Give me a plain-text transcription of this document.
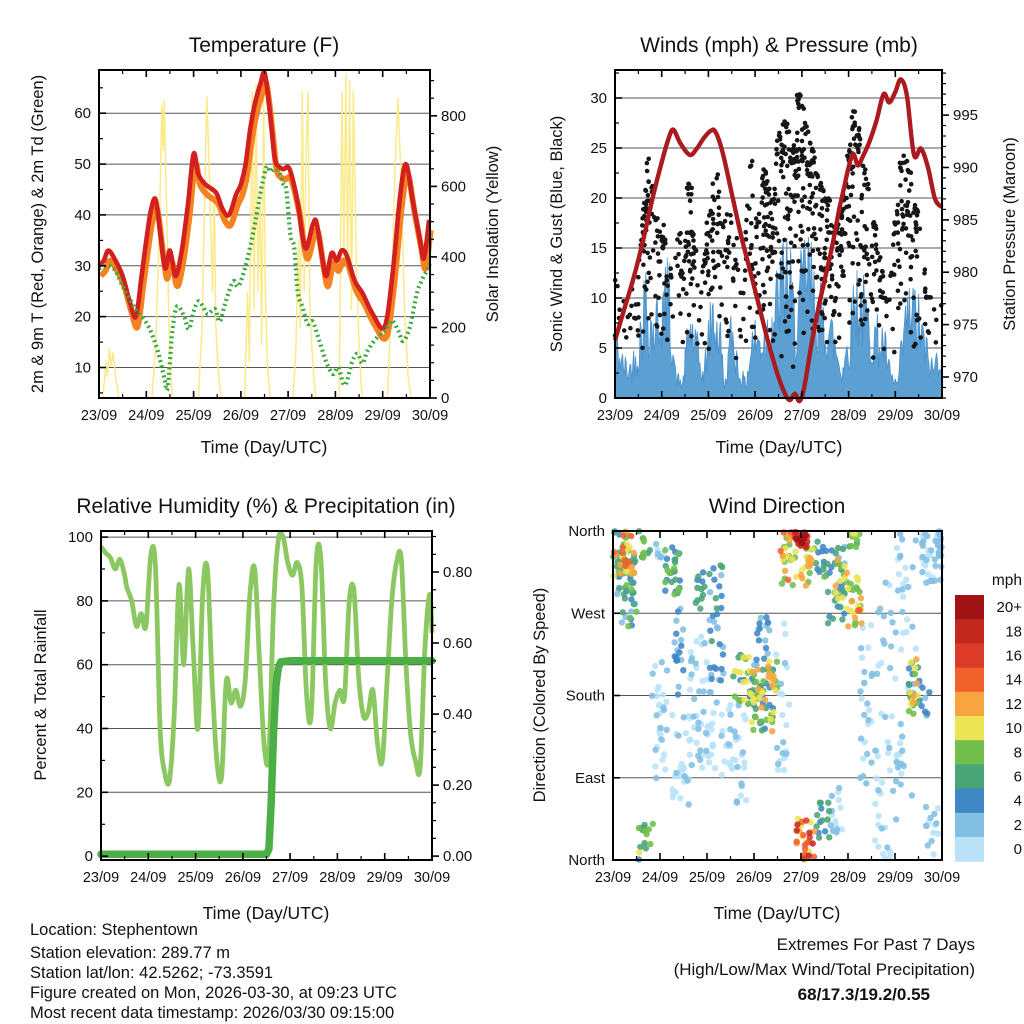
23/09 24/09 25/09 26/09 27/09 28/09 29/09 30/09
10
20
30
40
50
60
0
200
400
600
800
23/09 24/09 25/09 26/09 27/09 28/09 29/09 30/09
0
5
10
15
20
25
30
970
975
980
985
990
995
23/09 24/09 25/09 26/09 27/09 28/09 29/09 30/09
0
20
40
60
80
100
0.00
0.20
0.40
0.60
0.80
23/09 24/09 25/09 26/09 27/09 28/09 29/09 30/09
North
West
South
East
North
20+
18
16
14
12
10
8
6
4
2
0
Temperature (F)	Winds (mph) & Pressure (mb)
Relative Humidity (%) & Precipitation (in)	Wind Direction
2m & 9m T (Red, Orange) & 2m Td (Green)	Solar Insolation (Yellow)	Sonic Wind & Gust (Blue, Black)	Station Pressure (Maroon)
Percent & Total Rainfall	Direction (Colored By Speed)
Time (Day/UTC)	Time (Day/UTC)
Time (Day/UTC)	Time (Day/UTC)
mph
Location: Stephentown
Station elevation: 289.77 m
Station lat/lon: 42.5262; -73.3591
Figure created on Mon, 2026-03-30, at 09:23 UTC
Most recent data timestamp: 2026/03/30 09:15:00
Extremes For Past 7 Days
(High/Low/Max Wind/Total Precipitation)
68/17.3/19.2/0.55
